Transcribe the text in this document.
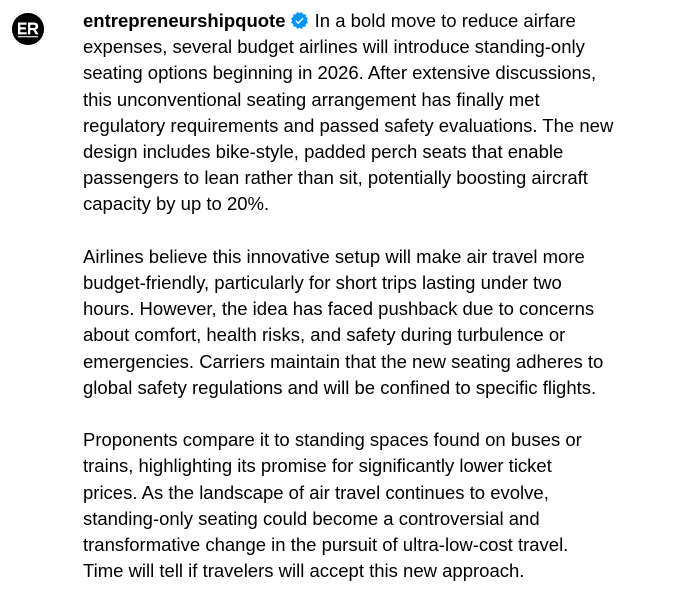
entrepreneurshipquote In a bold move to reduce airfare
expenses, several budget airlines will introduce standing-only
seating options beginning in 2026. After extensive discussions,
this unconventional seating arrangement has finally met
regulatory requirements and passed safety evaluations. The new
design includes bike-style, padded perch seats that enable
passengers to lean rather than sit, potentially boosting aircraft
capacity by up to 20%.

Airlines believe this innovative setup will make air travel more
budget-friendly, particularly for short trips lasting under two
hours. However, the idea has faced pushback due to concerns
about comfort, health risks, and safety during turbulence or
emergencies. Carriers maintain that the new seating adheres to
global safety regulations and will be confined to specific flights.

Proponents compare it to standing spaces found on buses or
trains, highlighting its promise for significantly lower ticket
prices. As the landscape of air travel continues to evolve,
standing-only seating could become a controversial and
transformative change in the pursuit of ultra-low-cost travel.
Time will tell if travelers will accept this new approach.
